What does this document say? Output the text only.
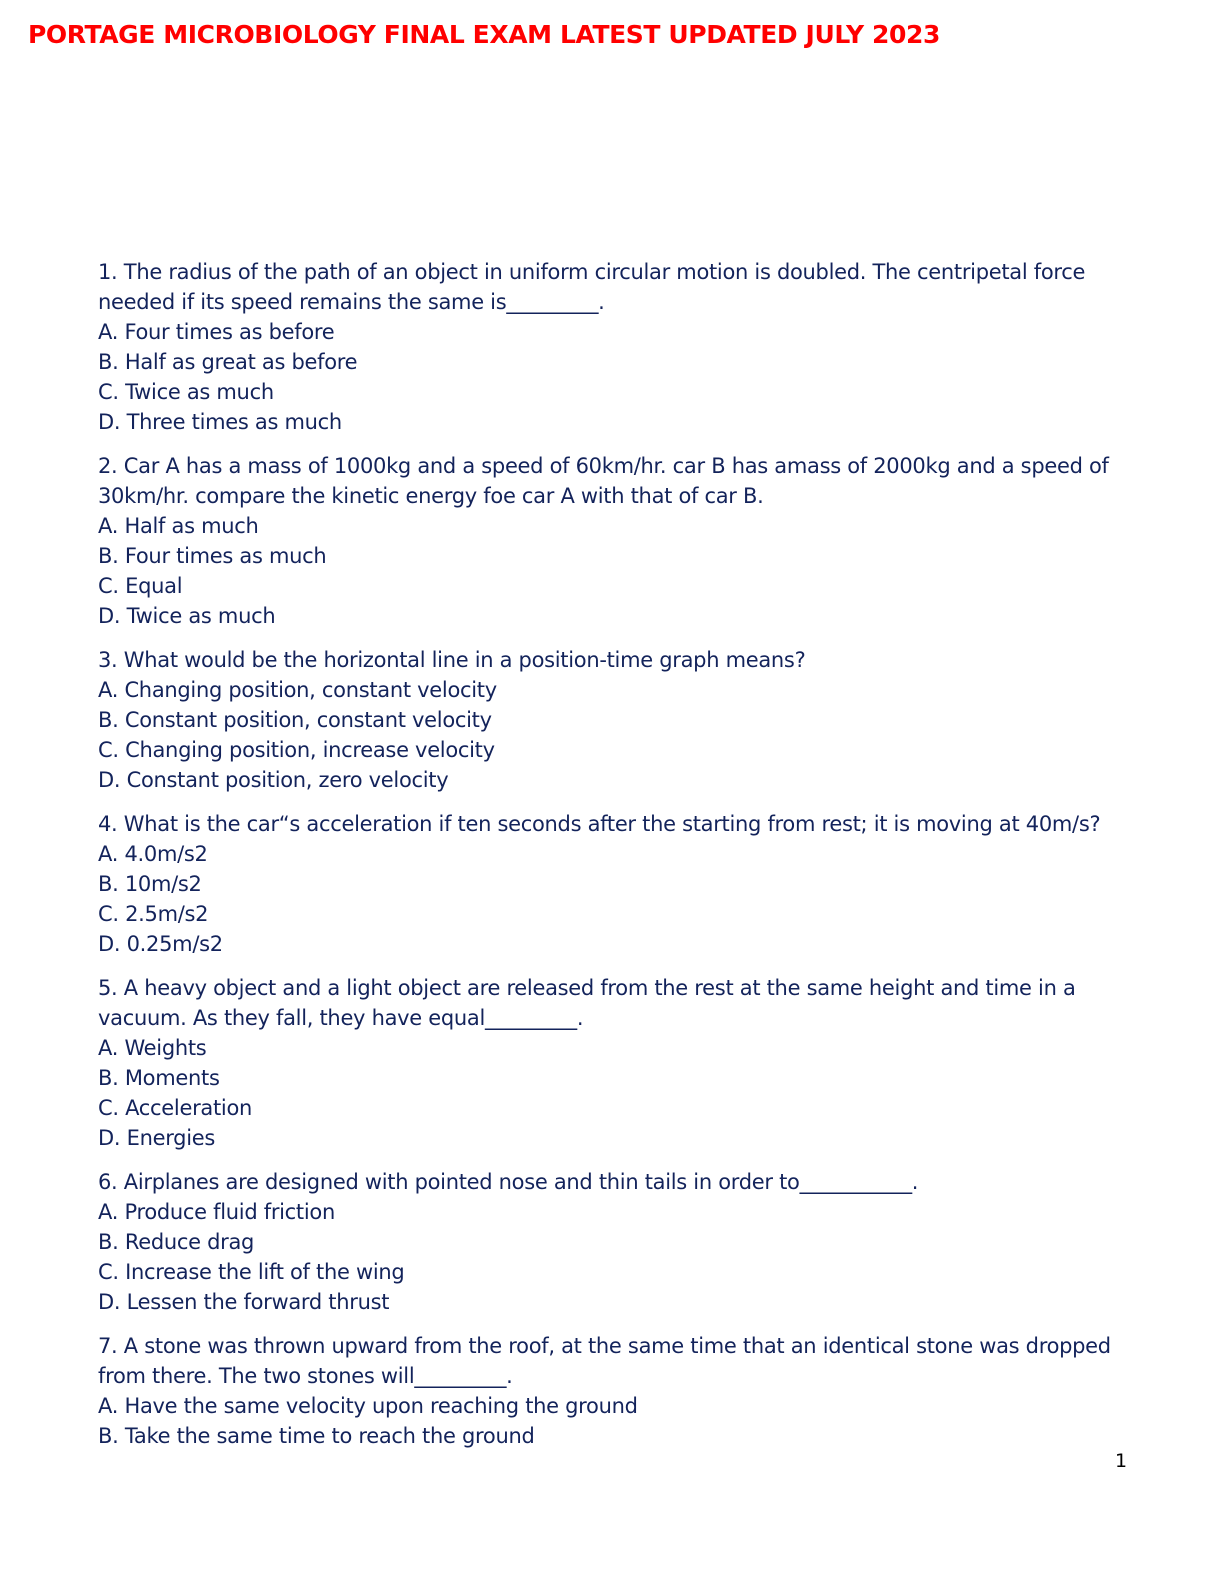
PORTAGE MICROBIOLOGY FINAL EXAM LATEST UPDATED JULY 2023

1. The radius of the path of an object in uniform circular motion is doubled. The centripetal force needed if its speed remains the same is_________.

A. Four times as before
B. Half as great as before
C. Twice as much
D. Three times as much

2. Car A has a mass of 1000kg and a speed of 60km/hr. car B has amass of 2000kg and a speed of 30km/hr. compare the kinetic energy foe car A with that of car B.

A. Half as much
B. Four times as much
C. Equal
D. Twice as much

3. What would be the horizontal line in a position-time graph means?

A. Changing position, constant velocity
B. Constant position, constant velocity
C. Changing position, increase velocity
D. Constant position, zero velocity

4. What is the car“s acceleration if ten seconds after the starting from rest; it is moving at 40m/s?

A. 4.0m/s2
B. 10m/s2
C. 2.5m/s2
D. 0.25m/s2

5. A heavy object and a light object are released from the rest at the same height and time in a vacuum. As they fall, they have equal_________.

A. Weights
B. Moments
C. Acceleration
D. Energies

6. Airplanes are designed with pointed nose and thin tails in order to___________.

A. Produce fluid friction
B. Reduce drag
C. Increase the lift of the wing
D. Lessen the forward thrust

7. A stone was thrown upward from the roof, at the same time that an identical stone was dropped from there. The two stones will_________.

A. Have the same velocity upon reaching the ground
B. Take the same time to reach the ground
1
